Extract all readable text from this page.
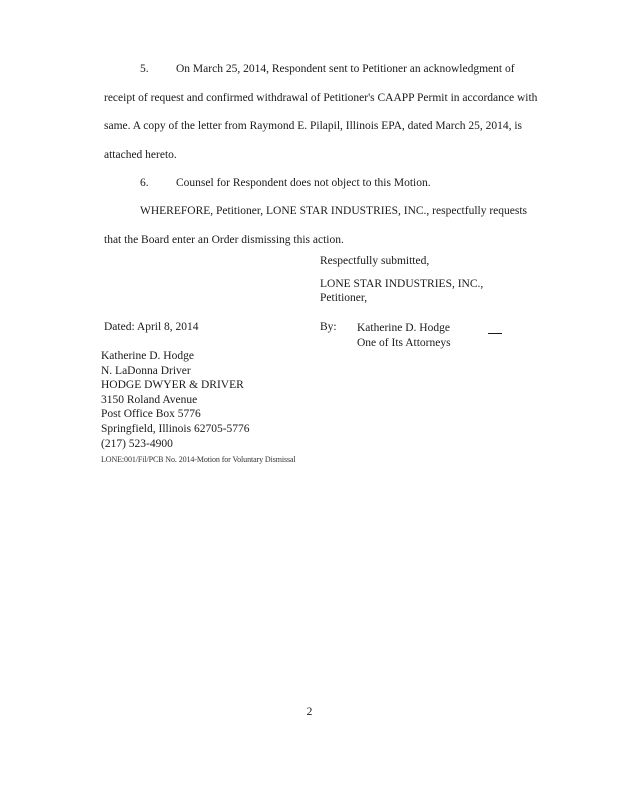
5. On March 25, 2014, Respondent sent to Petitioner an acknowledgment of receipt of request and confirmed withdrawal of Petitioner's CAAPP Permit in accordance with same. A copy of the letter from Raymond E. Pilapil, Illinois EPA, dated March 25, 2014, is attached hereto.
6. Counsel for Respondent does not object to this Motion.
WHEREFORE, Petitioner, LONE STAR INDUSTRIES, INC., respectfully requests that the Board enter an Order dismissing this action.
Respectfully submitted,
LONE STAR INDUSTRIES, INC.,
Petitioner,
Dated: April 8, 2014	By: Katherine D. Hodge
One of Its Attorneys
Katherine D. Hodge
N. LaDonna Driver
HODGE DWYER & DRIVER
3150 Roland Avenue
Post Office Box 5776
Springfield, Illinois 62705-5776
(217) 523-4900
LONE:001/Fil/PCB No. 2014-Motion for Voluntary Dismissal
2
